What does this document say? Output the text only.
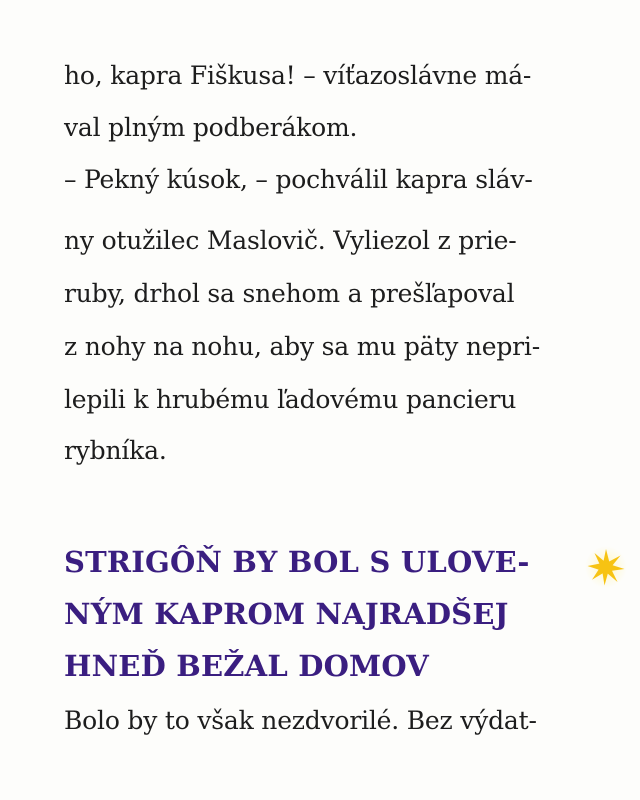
ho, kapra Fiškusa! – víťazoslávne má-
val plným podberákom.
– Pekný kúsok, – pochválil kapra sláv-
ny otužilec Maslovič. Vyliezol z prie-
ruby, drhol sa snehom a prešľapoval
z nohy na nohu, aby sa mu päty nepri-
lepili k hrubému ľadovému pancieru
rybníka.
STRIGÔŇ BY BOL S ULOVE-
NÝM KAPROM NAJRADŠEJ
HNEĎ BEŽAL DOMOV
Bolo by to však nezdvorilé. Bez výdat-
